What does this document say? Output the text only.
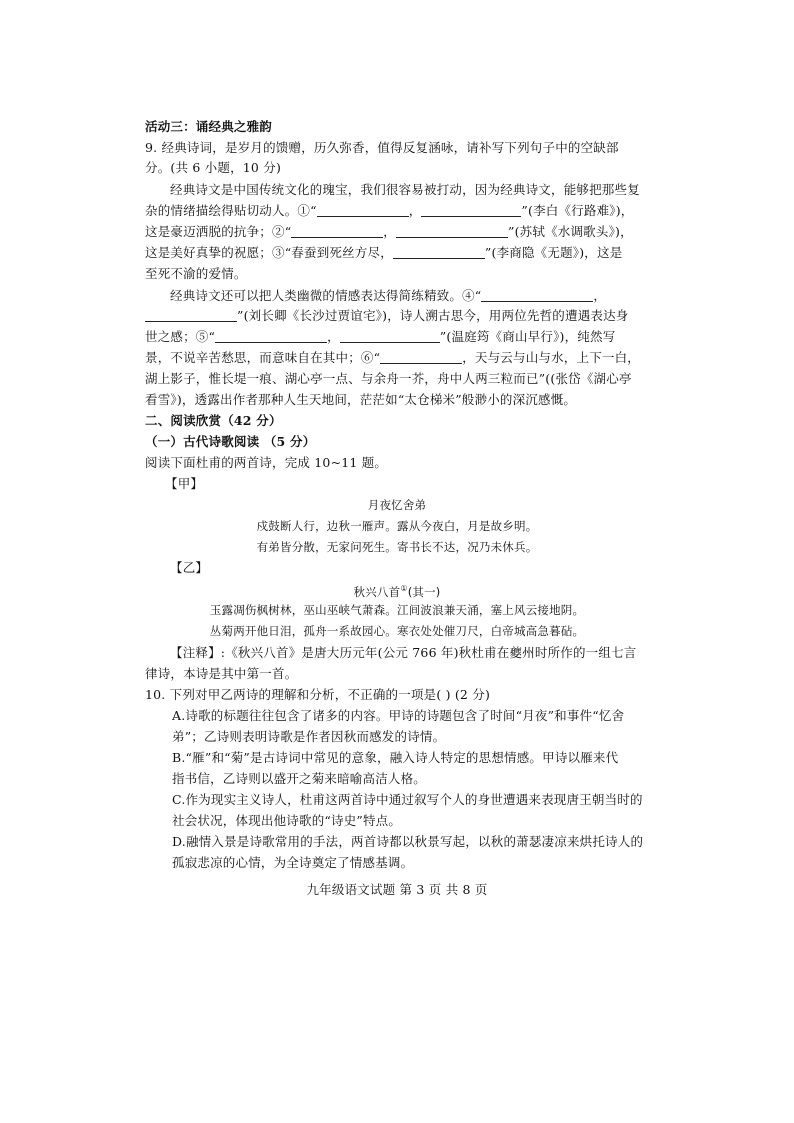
活动三：诵经典之雅韵
9. 经典诗词，是岁月的馈赠，历久弥香，值得反复涵咏，请补写下列句子中的空缺部
分。(共 6 小题，10 分)
经典诗文是中国传统文化的瑰宝，我们很容易被打动，因为经典诗文，能够把那些复
杂的情绪描绘得贴切动人。①“	，	”(李白《行路难》)，
这是豪迈洒脱的抗争；②“	，	”(苏轼《水调歌头》)，
这是美好真挚的祝愿；③“春蚕到死丝方尽，	”(李商隐《无题》)，这是
至死不渝的爱情。
经典诗文还可以把人类幽微的情感表达得简练精致。④“	，
”(刘长卿《长沙过贾谊宅》)，诗人溯古思今，用两位先哲的遭遇表达身
世之感；⑤“	，	”(温庭筠《商山早行》)，纯然写
景，不说辛苦愁思，而意味自在其中；⑥“	，天与云与山与水，上下一白，
湖上影子，惟长堤一痕、湖心亭一点、与余舟一芥，舟中人两三粒而已”((张岱《湖心亭
看雪》)，透露出作者那种人生天地间，茫茫如“太仓梯米”般渺小的深沉感慨。
二、阅读欣赏（42 分）
（一）古代诗歌阅读 （5 分）
阅读下面杜甫的两首诗，完成 10~11 题。
【甲】
月夜忆舍弟
戍鼓断人行，边秋一雁声。露从今夜白，月是故乡明。
有弟皆分散，无家问死生。寄书长不达，况乃未休兵。
【乙】
秋兴八首①(其一)
玉露凋伤枫树林，巫山巫峡气萧森。江间波浪兼天涌，塞上风云接地阴。
丛菊两开他日泪，孤舟一系故园心。寒衣处处催刀尺，白帝城高急暮砧。
【注释】:《秋兴八首》是唐大历元年(公元 766 年)秋杜甫在夔州时所作的一组七言
律诗，本诗是其中第一首。
10. 下列对甲乙两诗的理解和分析，不正确的一项是( ) (2 分)
A.诗歌的标题往往包含了诸多的内容。甲诗的诗题包含了时间“月夜”和事件“忆舍
弟”；乙诗则表明诗歌是作者因秋而感发的诗情。
B.“雁”和“菊”是古诗词中常见的意象，融入诗人特定的思想情感。甲诗以雁来代
指书信，乙诗则以盛开之菊来暗喻高洁人格。
C.作为现实主义诗人，杜甫这两首诗中通过叙写个人的身世遭遇来表现唐王朝当时的
社会状况，体现出他诗歌的“诗史”特点。
D.融情入景是诗歌常用的手法，两首诗都以秋景写起，以秋的萧瑟凄凉来烘托诗人的
孤寂悲凉的心情，为全诗奠定了情感基调。
九年级语文试题 第 3 页 共 8 页
